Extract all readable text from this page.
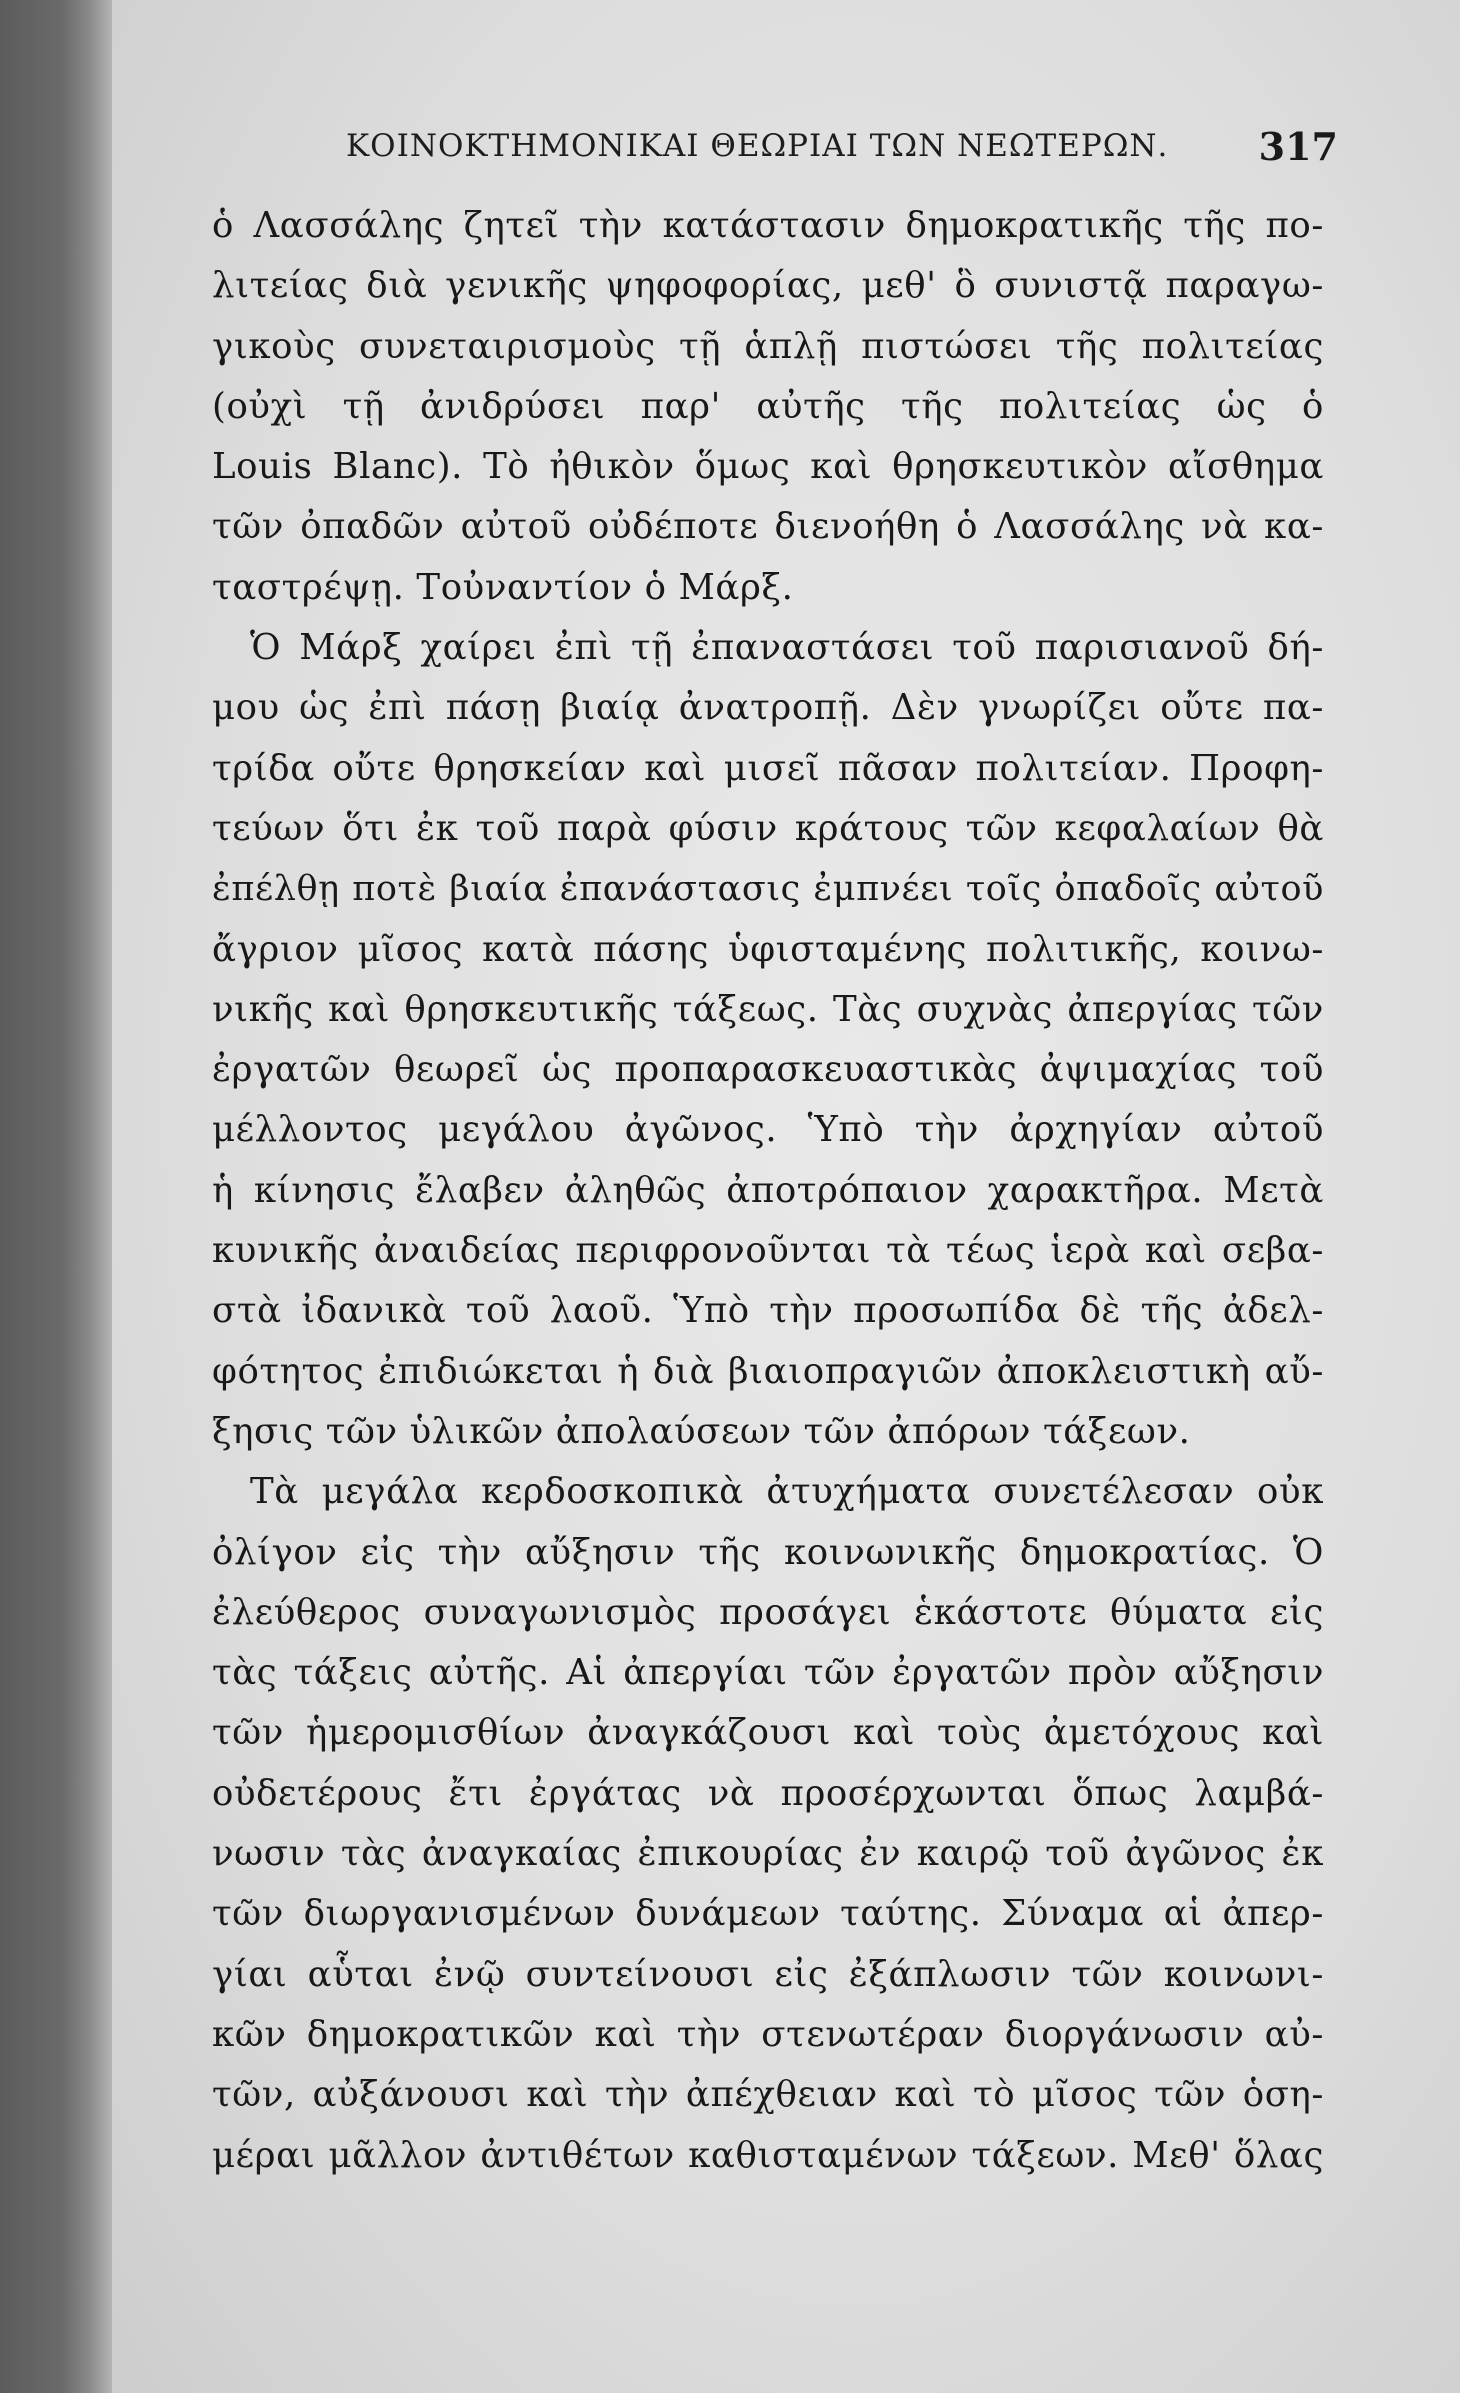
ΚΟΙΝΟΚΤΗΜΟΝΙΚΑΙ ΘΕΩΡΙΑΙ ΤΩΝ ΝΕΩΤΕΡΩΝ. 317
ὁ Λασσάλης ζητεῖ τὴν κατάστασιν δημοκρατικῆς τῆς πο-
λιτείας διὰ γενικῆς ψηφοφορίας, μεθ' ὃ συνιστᾷ παραγω-
γικοὺς συνεταιρισμοὺς τῇ ἁπλῇ πιστώσει τῆς πολιτείας
(οὐχὶ τῇ ἀνιδρύσει παρ' αὐτῆς τῆς πολιτείας ὡς ὁ
Louis Blanc). Τὸ ἠθικὸν ὅμως καὶ θρησκευτικὸν αἴσθημα
τῶν ὀπαδῶν αὐτοῦ οὐδέποτε διενοήθη ὁ Λασσάλης νὰ κα-
ταστρέψῃ. Τοὐναντίον ὁ Μάρξ.
Ὁ Μάρξ χαίρει ἐπὶ τῇ ἐπαναστάσει τοῦ παρισιανοῦ δή-
μου ὡς ἐπὶ πάσῃ βιαίᾳ ἀνατροπῇ. Δὲν γνωρίζει οὔτε πα-
τρίδα οὔτε θρησκείαν καὶ μισεῖ πᾶσαν πολιτείαν. Προφη-
τεύων ὅτι ἐκ τοῦ παρὰ φύσιν κράτους τῶν κεφαλαίων θὰ
ἐπέλθῃ ποτὲ βιαία ἐπανάστασις ἐμπνέει τοῖς ὀπαδοῖς αὐτοῦ
ἄγριον μῖσος κατὰ πάσης ὑφισταμένης πολιτικῆς, κοινω-
νικῆς καὶ θρησκευτικῆς τάξεως. Τὰς συχνὰς ἀπεργίας τῶν
ἐργατῶν θεωρεῖ ὡς προπαρασκευαστικὰς ἀψιμαχίας τοῦ
μέλλοντος μεγάλου ἀγῶνος. Ὑπὸ τὴν ἀρχηγίαν αὐτοῦ
ἡ κίνησις ἔλαβεν ἀληθῶς ἀποτρόπαιον χαρακτῆρα. Μετὰ
κυνικῆς ἀναιδείας περιφρονοῦνται τὰ τέως ἱερὰ καὶ σεβα-
στὰ ἰδανικὰ τοῦ λαοῦ. Ὑπὸ τὴν προσωπίδα δὲ τῆς ἀδελ-
φότητος ἐπιδιώκεται ἡ διὰ βιαιοπραγιῶν ἀποκλειστικὴ αὔ-
ξησις τῶν ὑλικῶν ἀπολαύσεων τῶν ἀπόρων τάξεων.
Τὰ μεγάλα κερδοσκοπικὰ ἀτυχήματα συνετέλεσαν οὐκ
ὀλίγον εἰς τὴν αὔξησιν τῆς κοινωνικῆς δημοκρατίας. Ὁ
ἐλεύθερος συναγωνισμὸς προσάγει ἑκάστοτε θύματα εἰς
τὰς τάξεις αὐτῆς. Αἱ ἀπεργίαι τῶν ἐργατῶν πρὸν αὔξησιν
τῶν ἡμερομισθίων ἀναγκάζουσι καὶ τοὺς ἀμετόχους καὶ
οὐδετέρους ἔτι ἐργάτας νὰ προσέρχωνται ὅπως λαμβά-
νωσιν τὰς ἀναγκαίας ἐπικουρίας ἐν καιρῷ τοῦ ἀγῶνος ἐκ
τῶν διωργανισμένων δυνάμεων ταύτης. Σύναμα αἱ ἀπερ-
γίαι αὗται ἐνῷ συντείνουσι εἰς ἐξάπλωσιν τῶν κοινωνι-
κῶν δημοκρατικῶν καὶ τὴν στενωτέραν διοργάνωσιν αὐ-
τῶν, αὐξάνουσι καὶ τὴν ἀπέχθειαν καὶ τὸ μῖσος τῶν ὁση-
μέραι μᾶλλον ἀντιθέτων καθισταμένων τάξεων. Μεθ' ὅλας
